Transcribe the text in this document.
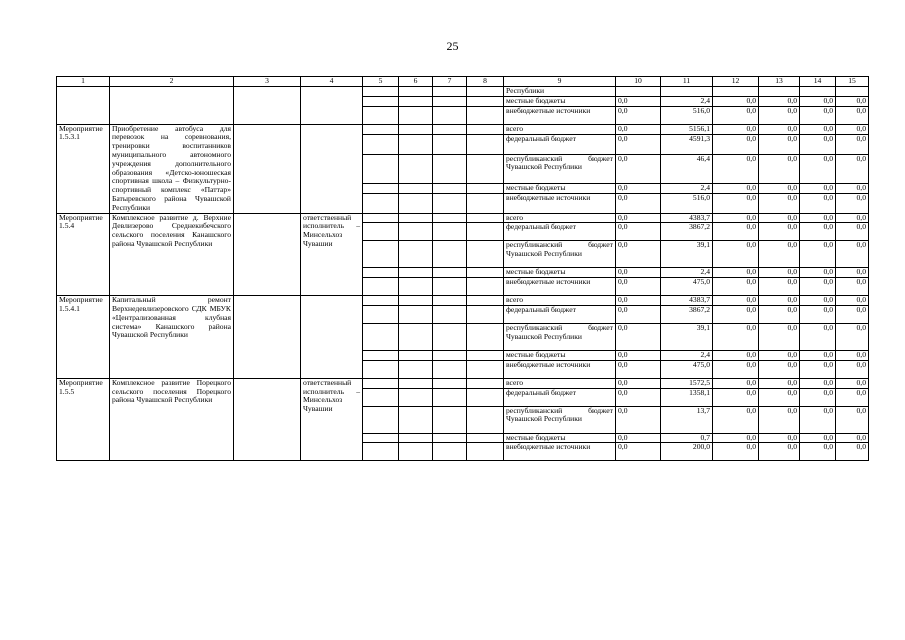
25
1	2	3	4	5	6	7	8	9	10	11	12	13	14	15
								Республики						
								местные бюджеты	0,0	2,4	0,0	0,0	0,0	0,0
								внебюджетные источники	0,0	516,0	0,0	0,0	0,0	0,0
Мероприятие 1.5.3.1	Приобретение автобуса для перевозок на соревнования, тренировки воспитанников муниципального автономного учреждения дополнительного образования «Детско-юношеская спортивная школа – Физкультурно-спортивный комплекс «Паттар» Батыревского района Чувашской Республики							всего	0,0	5156,1	0,0	0,0	0,0	0,0
								федеральный бюджет	0,0	4591,3	0,0	0,0	0,0	0,0
								республиканский бюджет Чувашской Республики	0,0	46,4	0,0	0,0	0,0	0,0
								местные бюджеты	0,0	2,4	0,0	0,0	0,0	0,0
								внебюджетные источники	0,0	516,0	0,0	0,0	0,0	0,0
Мероприятие 1.5.4	Комплексное развитие д. Верхние Девлизерово Среднекибечского сельского поселения Канашского района Чувашской Республики		ответственный исполнитель – Минсельхоз Чувашии					всего	0,0	4383,7	0,0	0,0	0,0	0,0
								федеральный бюджет	0,0	3867,2	0,0	0,0	0,0	0,0
								республиканский бюджет Чувашской Республики	0,0	39,1	0,0	0,0	0,0	0,0
								местные бюджеты	0,0	2,4	0,0	0,0	0,0	0,0
								внебюджетные источники	0,0	475,0	0,0	0,0	0,0	0,0
Мероприятие 1.5.4.1	Капитальный ремонт Верхнедевлизеровского СДК МБУК «Централизованная клубная система» Канашского района Чувашской Республики							всего	0,0	4383,7	0,0	0,0	0,0	0,0
								федеральный бюджет	0,0	3867,2	0,0	0,0	0,0	0,0
								республиканский бюджет Чувашской Республики	0,0	39,1	0,0	0,0	0,0	0,0
								местные бюджеты	0,0	2,4	0,0	0,0	0,0	0,0
								внебюджетные источники	0,0	475,0	0,0	0,0	0,0	0,0
Мероприятие 1.5.5	Комплексное развитие Порецкого сельского поселения Порецкого района Чувашской Республики		ответственный исполнитель – Минсельхоз Чувашии					всего	0,0	1572,5	0,0	0,0	0,0	0,0
								федеральный бюджет	0,0	1358,1	0,0	0,0	0,0	0,0
								республиканский бюджет Чувашской Республики	0,0	13,7	0,0	0,0	0,0	0,0
								местные бюджеты	0,0	0,7	0,0	0,0	0,0	0,0
								внебюджетные источники	0,0	200,0	0,0	0,0	0,0	0,0
